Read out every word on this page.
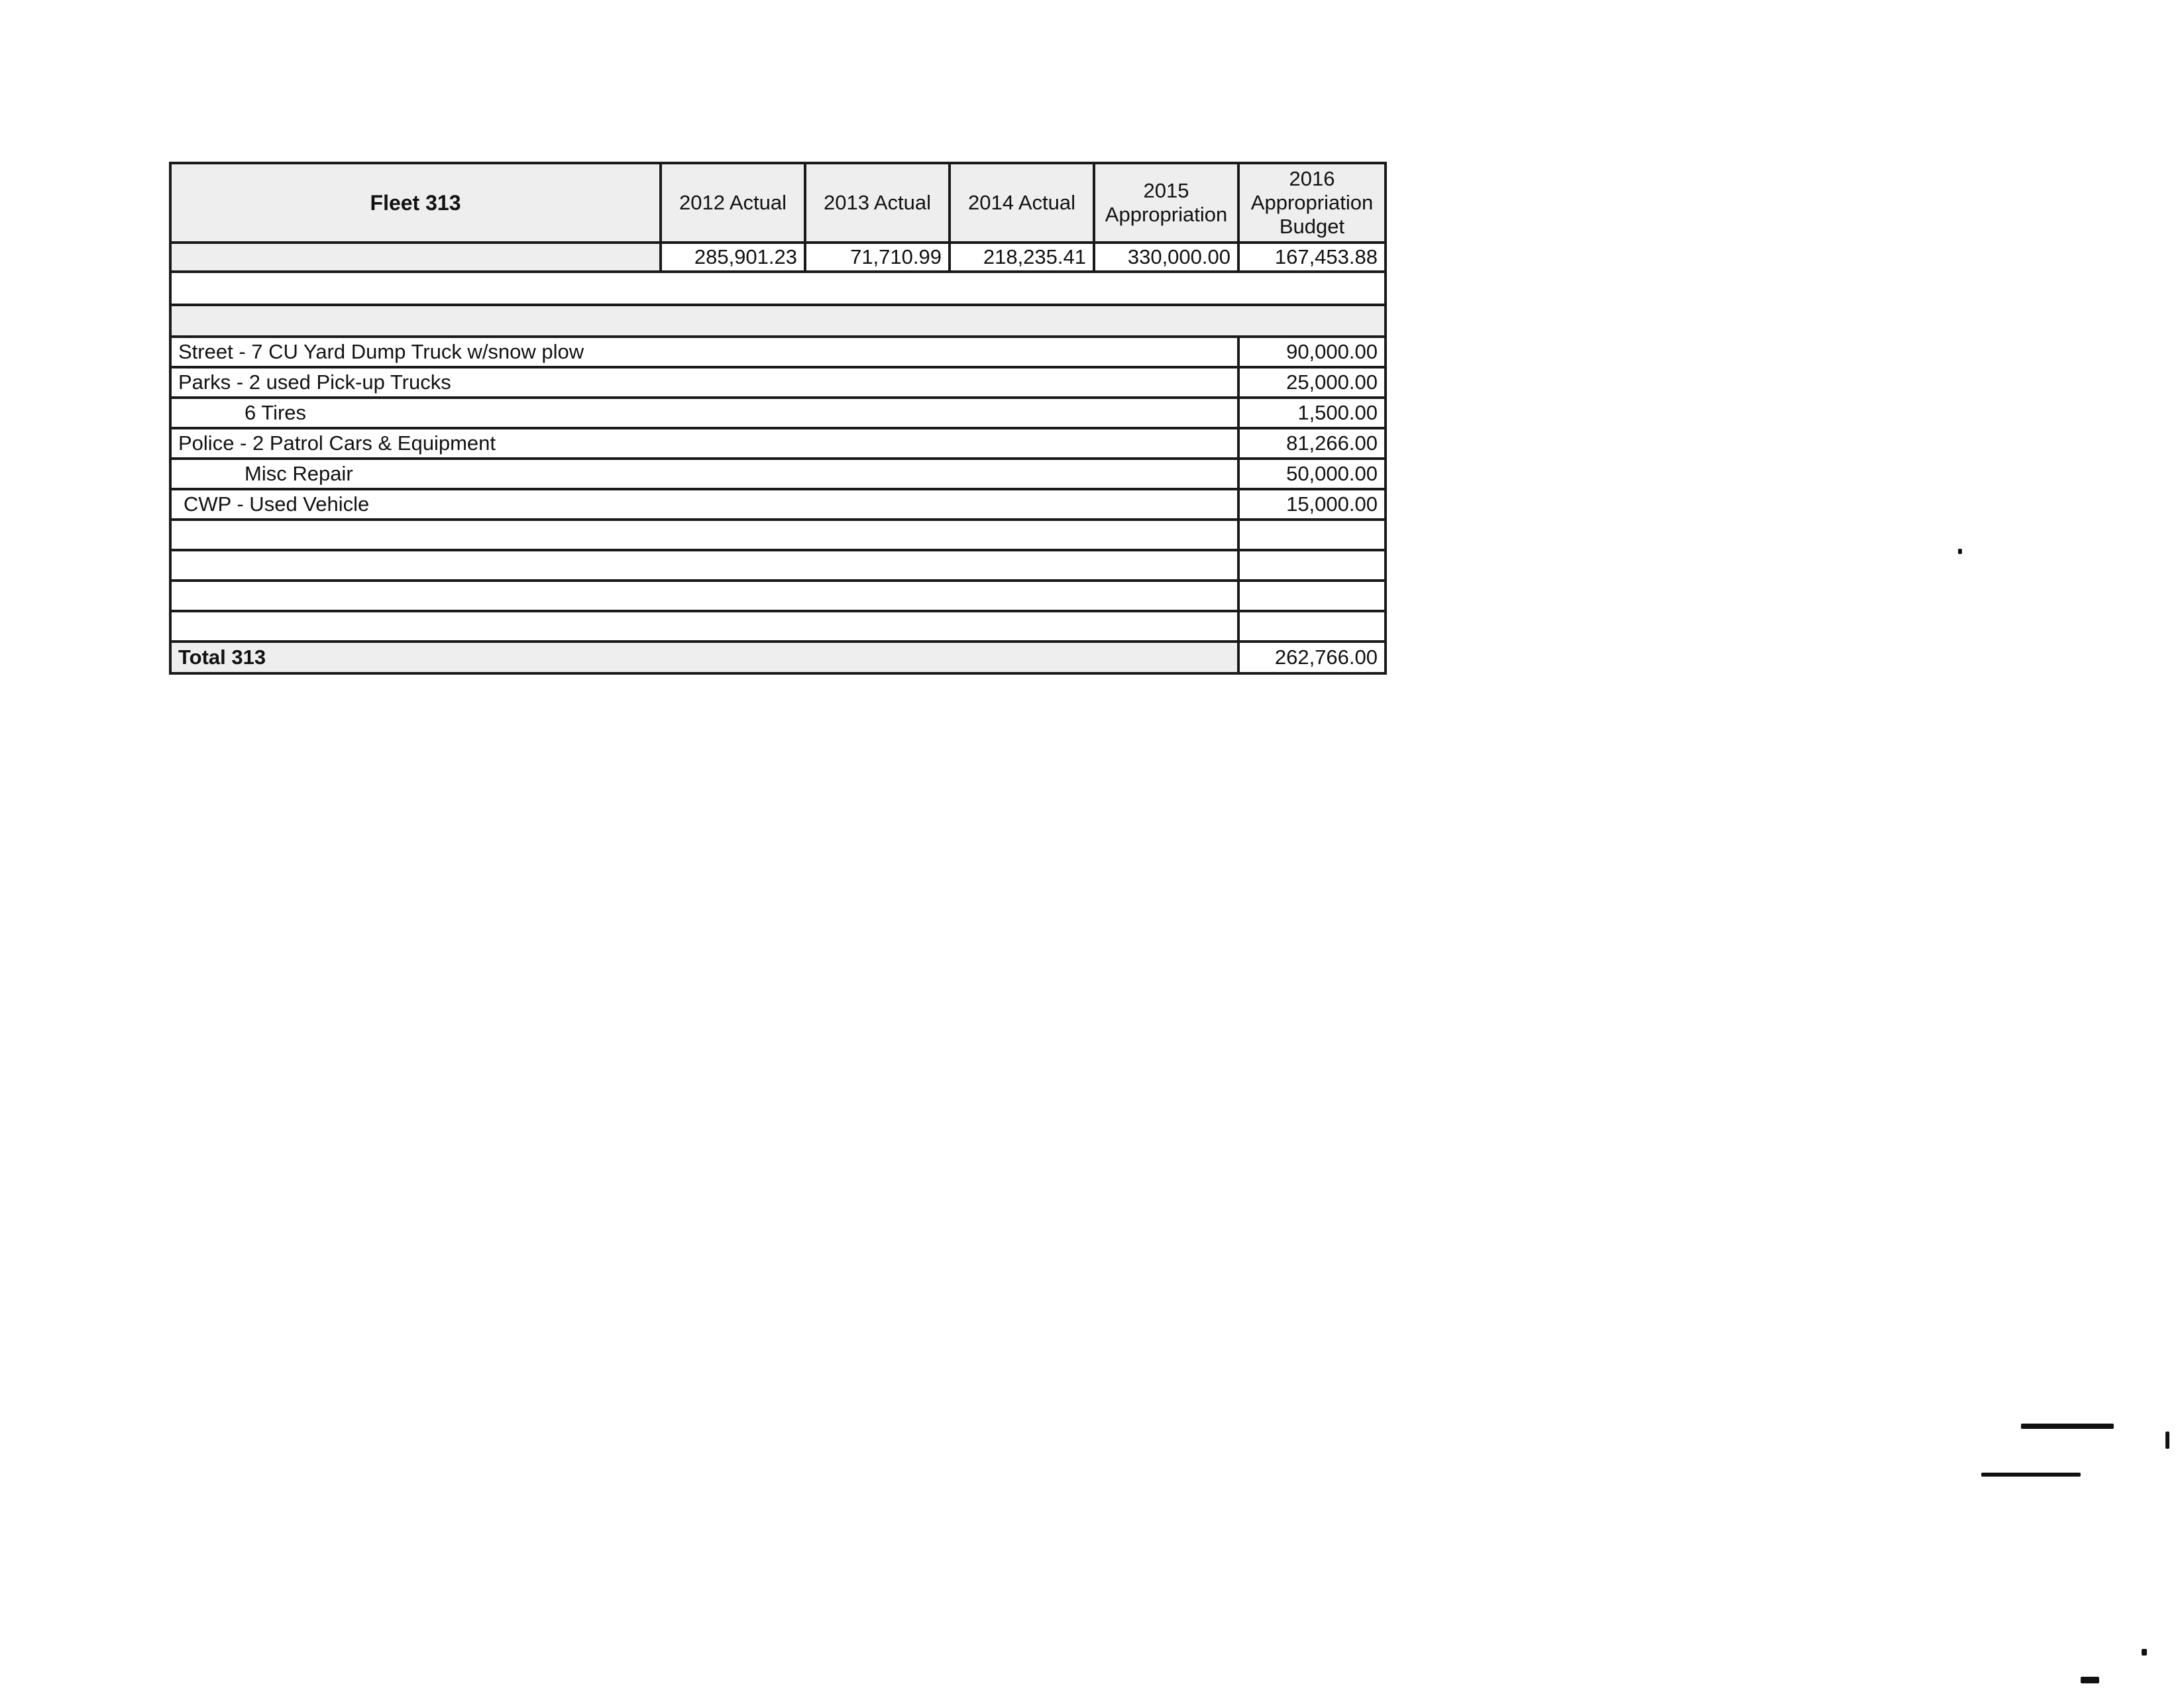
Fleet 313	2012 Actual	2013 Actual	2014 Actual	2015 Appropriation	2016 Appropriation Budget
	285,901.23	71,710.99	218,235.41	330,000.00	167,453.88

Street - 7 CU Yard Dump Truck w/snow plow					90,000.00
Parks - 2 used Pick-up Trucks					25,000.00
6 Tires					1,500.00
Police - 2 Patrol Cars & Equipment					81,266.00
Misc Repair					50,000.00
CWP - Used Vehicle					15,000.00

Total 313					262,766.00
